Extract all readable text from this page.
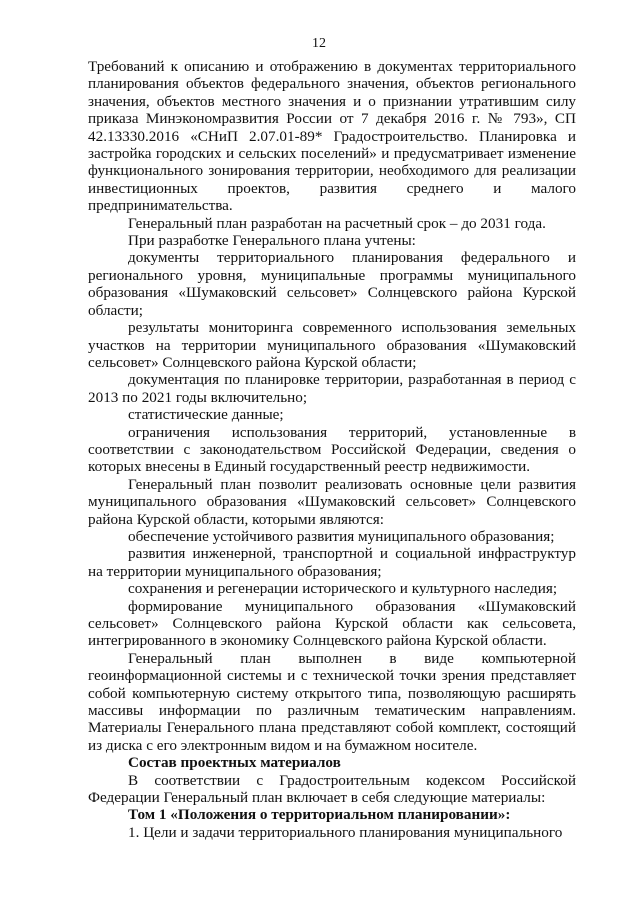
12

Требований к описанию и отображению в документах территориального планирования объектов федерального значения, объектов регионального значения, объектов местного значения и о признании утратившим силу приказа Минэкономразвития России от 7 декабря 2016 г. № 793», СП 42.13330.2016 «СНиП 2.07.01-89* Градостроительство. Планировка и застройка городских и сельских поселений» и предусматривает изменение функционального зонирования территории, необходимого для реализации инвестиционных проектов, развития среднего и малого предпринимательства.

Генеральный план разработан на расчетный срок – до 2031 года.

При разработке Генерального плана учтены:

документы территориального планирования федерального и регионального уровня, муниципальные программы муниципального образования «Шумаковский сельсовет» Солнцевского района Курской области;

результаты мониторинга современного использования земельных участков на территории муниципального образования «Шумаковский сельсовет» Солнцевского района Курской области;

документация по планировке территории, разработанная в период с 2013 по 2021 годы включительно;

статистические данные;

ограничения использования территорий, установленные в соответствии с законодательством Российской Федерации, сведения о которых внесены в Единый государственный реестр недвижимости.

Генеральный план позволит реализовать основные цели развития муниципального образования «Шумаковский сельсовет» Солнцевского района Курской области, которыми являются:

обеспечение устойчивого развития муниципального образования;

развития инженерной, транспортной и социальной инфраструктур на территории муниципального образования;

сохранения и регенерации исторического и культурного наследия;

формирование муниципального образования «Шумаковский сельсовет» Солнцевского района Курской области как сельсовета, интегрированного в экономику Солнцевского района Курской области.

Генеральный план выполнен в виде компьютерной геоинформационной системы и с технической точки зрения представляет собой компьютерную систему открытого типа, позволяющую расширять массивы информации по различным тематическим направлениям. Материалы Генерального плана представляют собой комплект, состоящий из диска с его электронным видом и на бумажном носителе.

Состав проектных материалов

В соответствии с Градостроительным кодексом Российской Федерации Генеральный план включает в себя следующие материалы:

Том 1 «Положения о территориальном планировании»:

1. Цели и задачи территориального планирования муниципального
